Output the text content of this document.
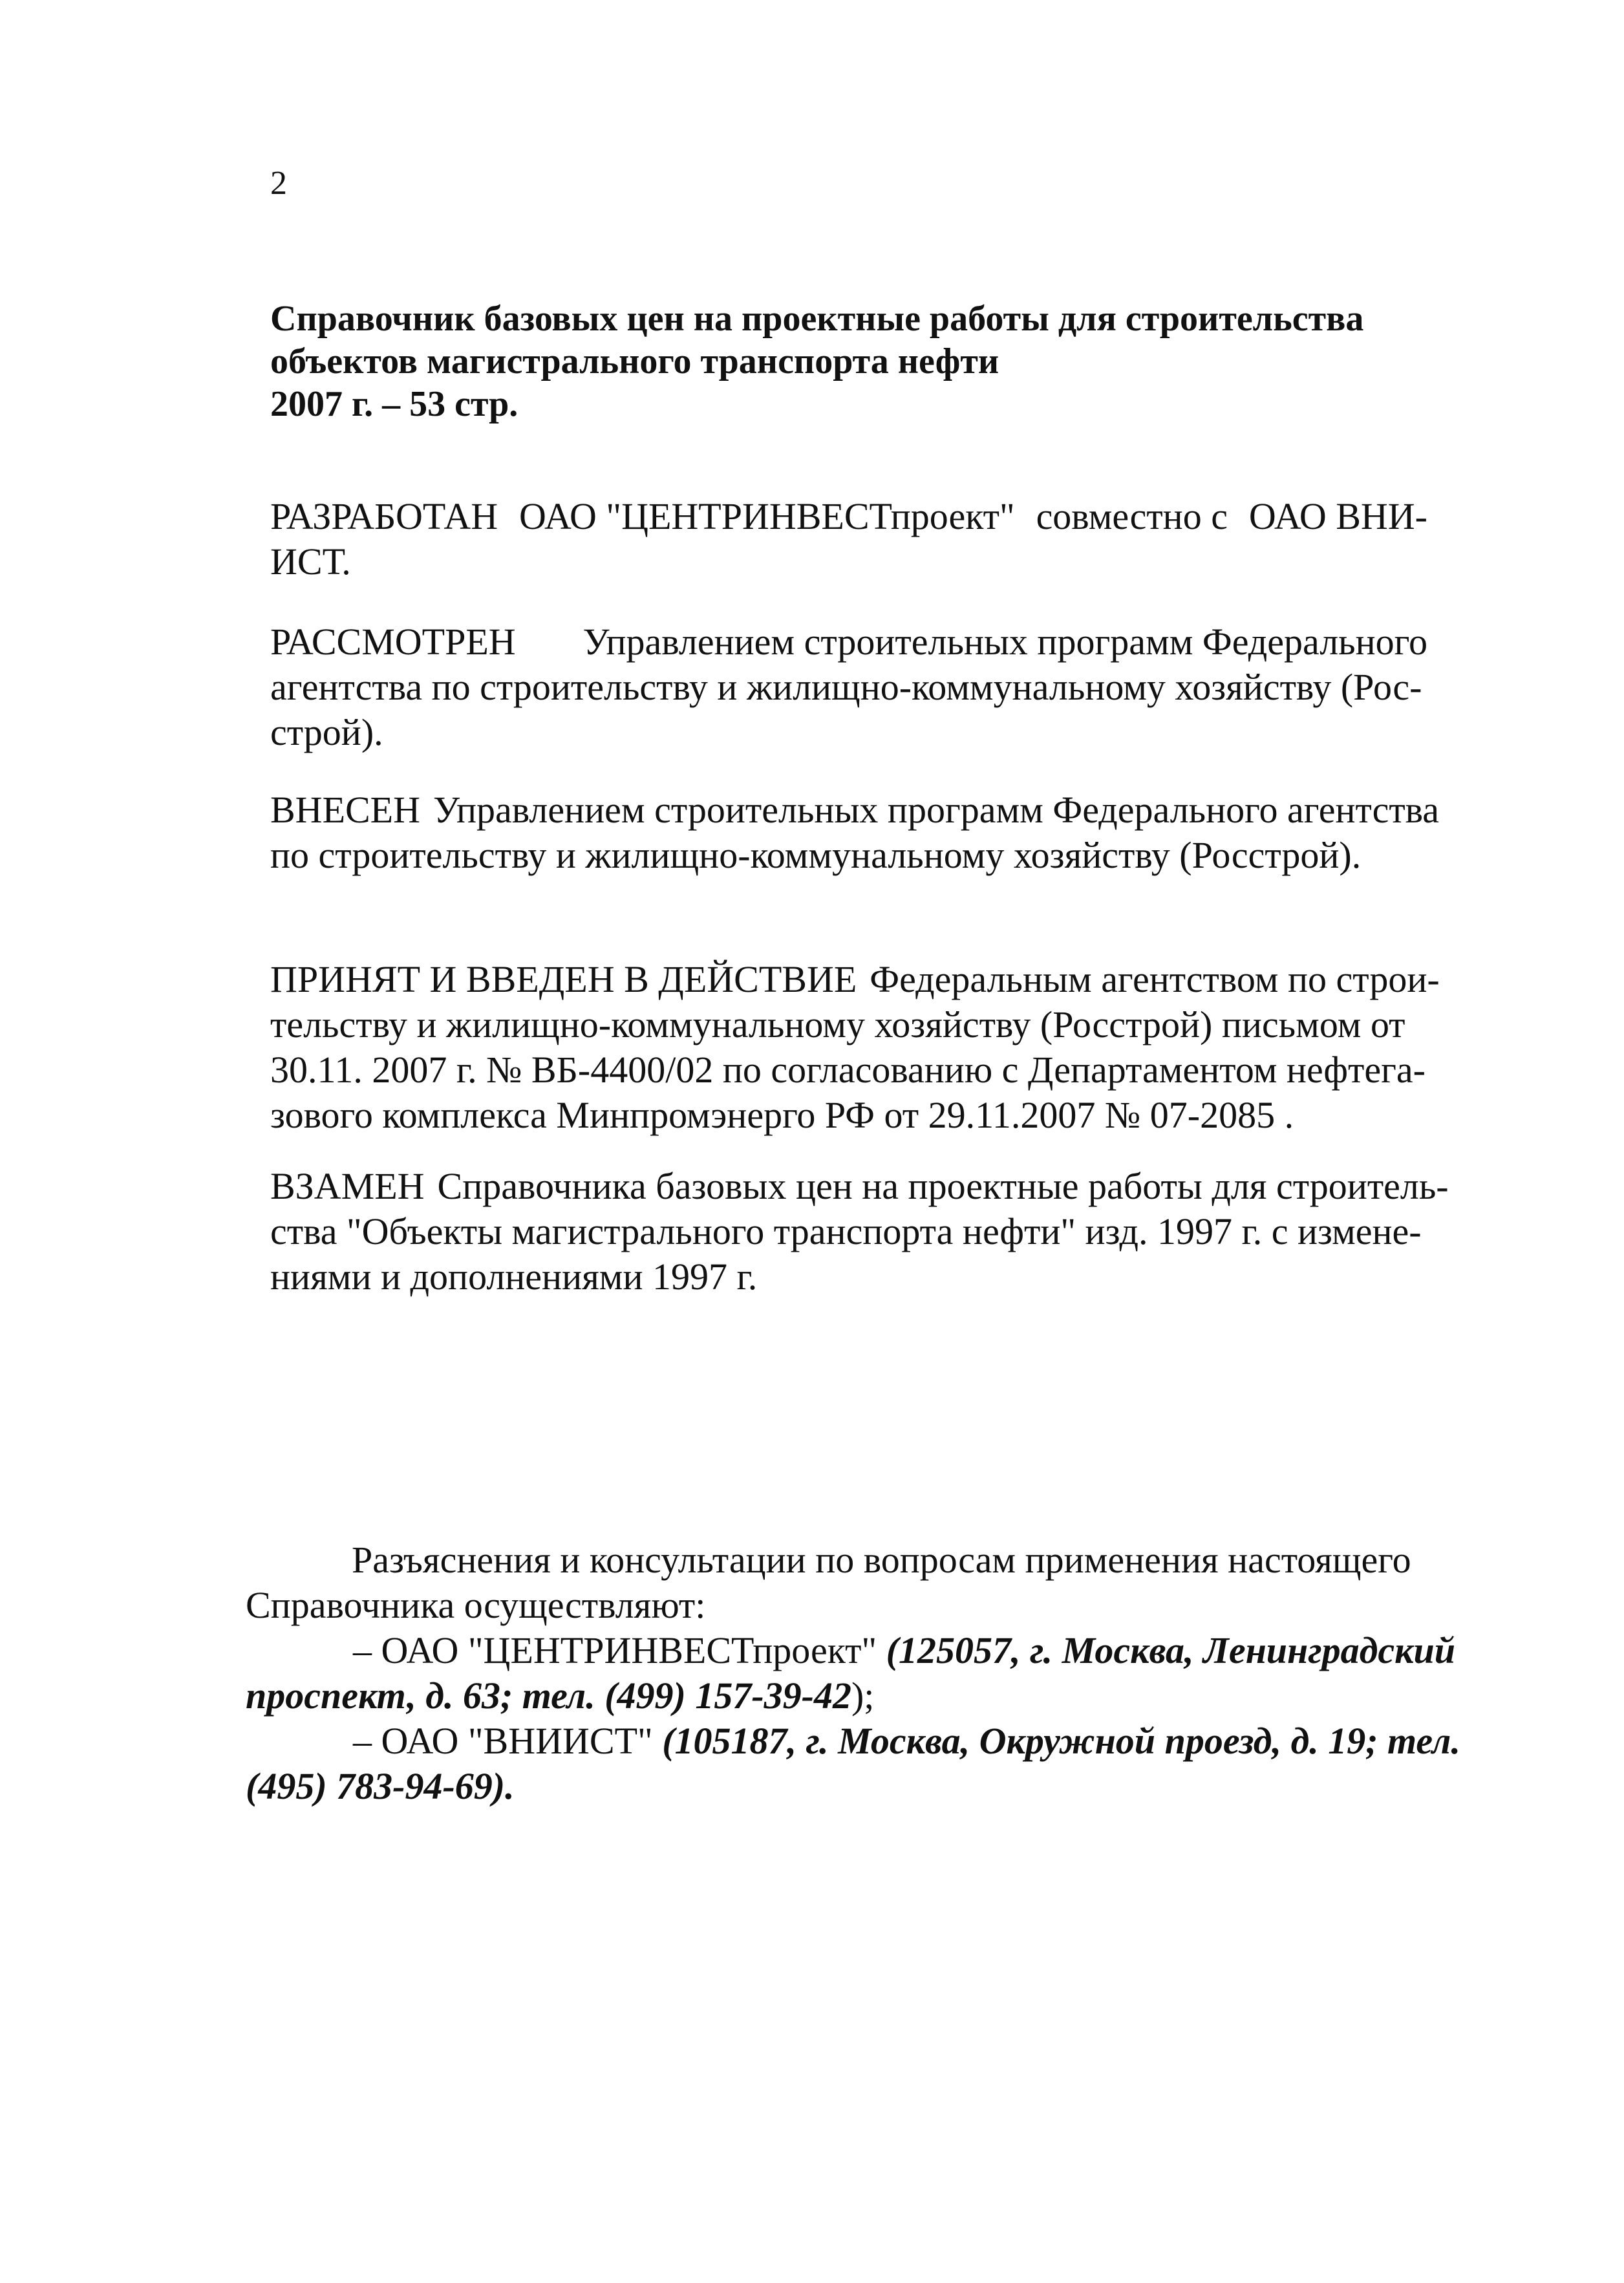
2
Справочник базовых цен на проектные работы для строительства
объектов магистрального транспорта нефти
2007 г. – 53 стр.
РАЗРАБОТАН ОАО "ЦЕНТРИНВЕСТпроект" совместно с ОАО ВНИ-
ИСТ.
РАССМОТРЕН Управлением строительных программ Федерального
агентства по строительству и жилищно-коммунальному хозяйству (Рос-
строй).
ВНЕСЕН Управлением строительных программ Федерального агентства
по строительству и жилищно-коммунальному хозяйству (Росстрой).
ПРИНЯТ И ВВЕДЕН В ДЕЙСТВИЕ Федеральным агентством по строи-
тельству и жилищно-коммунальному хозяйству (Росстрой) письмом от
30.11. 2007 г. № ВБ-4400/02 по согласованию с Департаментом нефтега-
зового комплекса Минпромэнерго РФ от 29.11.2007 № 07-2085 .
ВЗАМЕН Справочника базовых цен на проектные работы для строитель-
ства "Объекты магистрального транспорта нефти" изд. 1997 г. с измене-
ниями и дополнениями 1997 г.
Разъяснения и консультации по вопросам применения настоящего
Справочника осуществляют:
– ОАО "ЦЕНТРИНВЕСТпроект" (125057, г. Москва, Ленинградский
проспект, д. 63; тел. (499) 157-39-42);
– ОАО "ВНИИСТ" (105187, г. Москва, Окружной проезд, д. 19; тел.
(495) 783-94-69).
